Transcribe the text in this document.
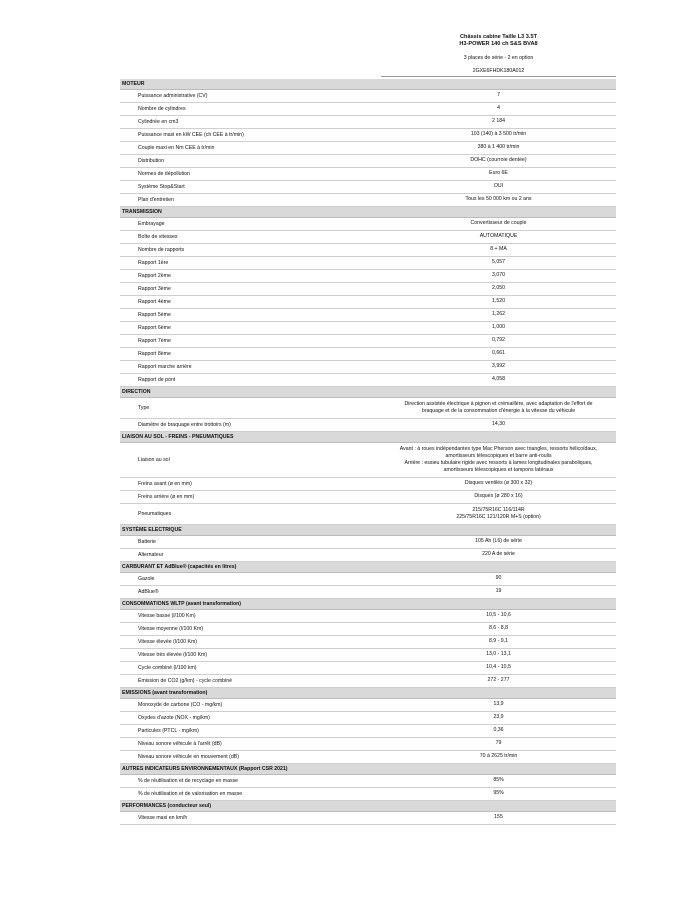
Châssis cabine Taille L3 3.5T
H3-POWER 140 ch S&S BVA8
3 places de série - 2 en option
2GXE6FHDK180A012
MOTEUR	
Puissance administrative (CV)	7
Nombre de cylindres	4
Cylindrée en cm3	2 184
Puissance maxi en kW CEE (ch CEE à tr/min)	103 (140) à 3 500 tr/min
Couple maxi en Nm CEE à tr/min	380 à 1 400 tr/min
Distribution	DOHC (courroie dentée)
Normes de dépollution	Euro 6E
Système Stop&Start	OUI
Plan d'entretien	Tous les 50 000 km ou 2 ans
TRANSMISSION	
Embrayage	Convertisseur de couple
Boîte de vitesses	AUTOMATIQUE
Nombre de rapports	8 + MA
Rapport 1ère	5,057
Rapport 2ème	3,070
Rapport 3ème	2,050
Rapport 4ème	1,520
Rapport 5ème	1,262
Rapport 6ème	1,000
Rapport 7ème	0,792
Rapport 8ème	0,661
Rapport marche arrière	3,992
Rapport de pont	4,058
DIRECTION	
Type	Direction assistée électrique à pignon et crémaillère, avec adaptation de l'effort de
braquage et de la consommation d'énergie à la vitesse du véhicule
Diamètre de braquage entre trottoirs (m)	14,30
LIAISON AU SOL - FREINS - PNEUMATIQUES	
Liaison au sol	Avant : à roues indépendantes type Mac Pherson avec triangles, ressorts hélicoïdaux,
amortisseurs télescopiques et barre anti-roulis
Arrière : essieu tubulaire rigide avec ressorts à lames longitudinales paraboliques,
amortisseurs télescopiques et tampons latéraux
Freins avant (ø en mm)	Disques ventilés (ø 300 x 32)
Freins arrière (ø en mm)	Disques (ø 280 x 16)
Pneumatiques	215/75R16C 116/114R
225/75R16C 121/120R M+S (option)
SYSTÈME ELECTRIQUE	
Batterie	105 Ah (L6) de série
Alternateur	220 A de série
CARBURANT ET AdBlue® (capacités en litres)	
Gazole	90
AdBlue®	19
CONSOMMATIONS WLTP (avant transformation)	
Vitesse basse (l/100 Km)	10,5 - 10,6
Vitesse moyenne (l/100 Km)	8,6 - 8,8
Vitesse élevée (l/100 Km)	8,9 - 9,1
Vitesse très élevée (l/100 Km)	13,0 - 13,1
Cycle combiné (l/100 km)	10,4 - 10,5
Émission de CO2 (g/km) - cycle combiné	272 - 277
EMISSIONS (avant transformation)	
Monoxyde de carbone (CO - mg/km)	13,9
Oxydes d'azote (NOX - mg/km)	23,9
Particules (PTCL - mg/km)	0,36
Niveau sonore véhicule à l'arrêt (dB)	79
Niveau sonore véhicule en mouvement (dB)	70 à 2625 tr/min
AUTRES INDICATEURS ENVIRONNEMENTAUX (Rapport CSR 2021)	
% de réutilisation et de recyclage en masse	85%
% de réutilisation et de valorisation en masse	95%
PERFORMANCES (conducteur seul)	
Vitesse maxi en km/h	155
